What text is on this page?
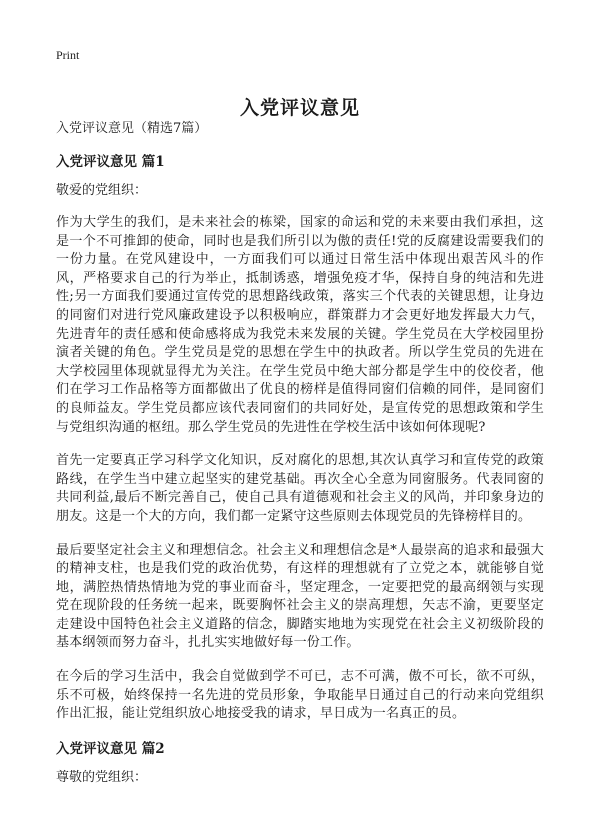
Print
入党评议意见
入党评议意见（精选7篇）
入党评议意见 篇1
敬爱的党组织：

作为大学生的我们，是未来社会的栋梁，国家的命运和党的未来要由我们承担，这是一个不可推卸的使命，同时也是我们所引以为傲的责任!党的反腐建设需要我们的一份力量。在党风建设中，一方面我们可以通过日常生活中体现出艰苦风斗的作风，严格要求自己的行为举止，抵制诱惑，增强免疫才华，保持自身的纯洁和先进性;另一方面我们要通过宣传党的思想路线政策，落实三个代表的关键思想，让身边的同窗们对进行党风廉政建设予以积极响应，群策群力才会更好地发挥最大力气，先进青年的责任感和使命感将成为我党未来发展的关键。学生党员在大学校园里扮演者关键的角色。学生党员是党的思想在学生中的执政者。所以学生党员的先进在大学校园里体现就显得尤为关注。在学生党员中绝大部分都是学生中的佼佼者，他们在学习工作品格等方面都做出了优良的榜样是值得同窗们信赖的同伴，是同窗们的良师益友。学生党员都应该代表同窗们的共同好处，是宣传党的思想政策和学生与党组织沟通的枢纽。那么学生党员的先进性在学校生活中该如何体现呢?

首先一定要真正学习科学文化知识，反对腐化的思想,其次认真学习和宣传党的政策路线，在学生当中建立起坚实的建党基础。再次全心全意为同窗服务。代表同窗的共同利益,最后不断完善自己，使自己具有道德观和社会主义的风尚，并印象身边的朋友。这是一个大的方向，我们都一定紧守这些原则去体现党员的先锋榜样目的。

最后要坚定社会主义和理想信念。社会主义和理想信念是*人最崇高的追求和最强大的精神支柱，也是我们党的政治优势，有这样的理想就有了立党之本，就能够自觉地，满腔热情热情地为党的事业而奋斗，坚定理念，一定要把党的最高纲领与实现党在现阶段的任务统一起来，既要胸怀社会主义的崇高理想，矢志不渝，更要坚定走建设中国特色社会主义道路的信念，脚踏实地地为实现党在社会主义初级阶段的基本纲领而努力奋斗，扎扎实实地做好每一份工作。

在今后的学习生活中，我会自觉做到学不可已，志不可满，傲不可长，欲不可纵，乐不可极，始终保持一名先进的党员形象，争取能早日通过自己的行动来向党组织作出汇报，能让党组织放心地接受我的请求，早日成为一名真正的员。

入党评议意见 篇2
尊敬的党组织：
